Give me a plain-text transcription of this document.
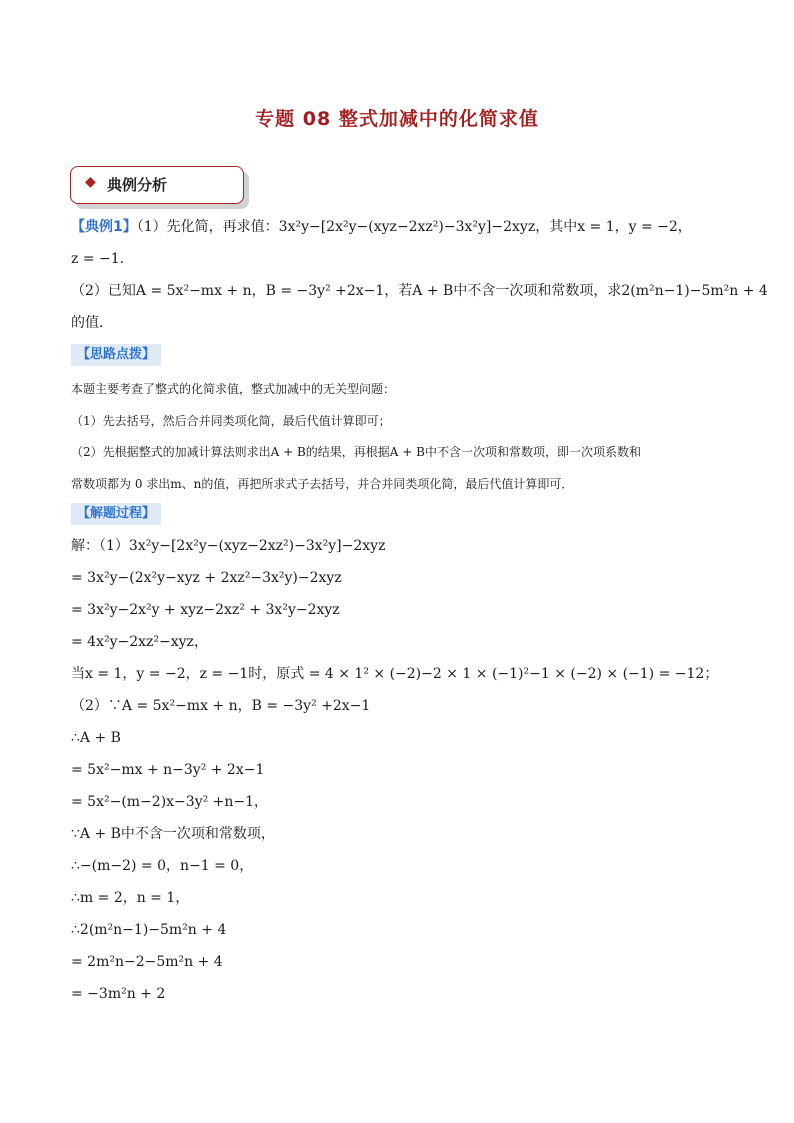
专题 08 整式加减中的化简求值
◆ 典例分析
【典例1】（1）先化简，再求值：3x²y−[2x²y−(xyz−2xz²)−3x²y]−2xyz，其中x = 1，y = −2，
z = −1．
（2）已知A = 5x²−mx + n，B = −3y² +2x−1，若A + B中不含一次项和常数项，求2(m²n−1)−5m²n + 4
的值．
【思路点拨】
本题主要考查了整式的化简求值，整式加减中的无关型问题：
（1）先去括号，然后合并同类项化简，最后代值计算即可；
（2）先根据整式的加减计算法则求出A + B的结果，再根据A + B中不含一次项和常数项，即一次项系数和
常数项都为 0 求出m、n的值，再把所求式子去括号，并合并同类项化简，最后代值计算即可．
【解题过程】
解：（1）3x²y−[2x²y−(xyz−2xz²)−3x²y]−2xyz
= 3x²y−(2x²y−xyz + 2xz²−3x²y)−2xyz
= 3x²y−2x²y + xyz−2xz² + 3x²y−2xyz
= 4x²y−2xz²−xyz，
当x = 1，y = −2，z = −1时，原式 = 4 × 1² × (−2)−2 × 1 × (−1)²−1 × (−2) × (−1) = −12；
（2）∵A = 5x²−mx + n，B = −3y² +2x−1
∴A + B
= 5x²−mx + n−3y² + 2x−1
= 5x²−(m−2)x−3y² +n−1，
∵A + B中不含一次项和常数项，
∴−(m−2) = 0，n−1 = 0，
∴m = 2，n = 1，
∴2(m²n−1)−5m²n + 4
= 2m²n−2−5m²n + 4
= −3m²n + 2
